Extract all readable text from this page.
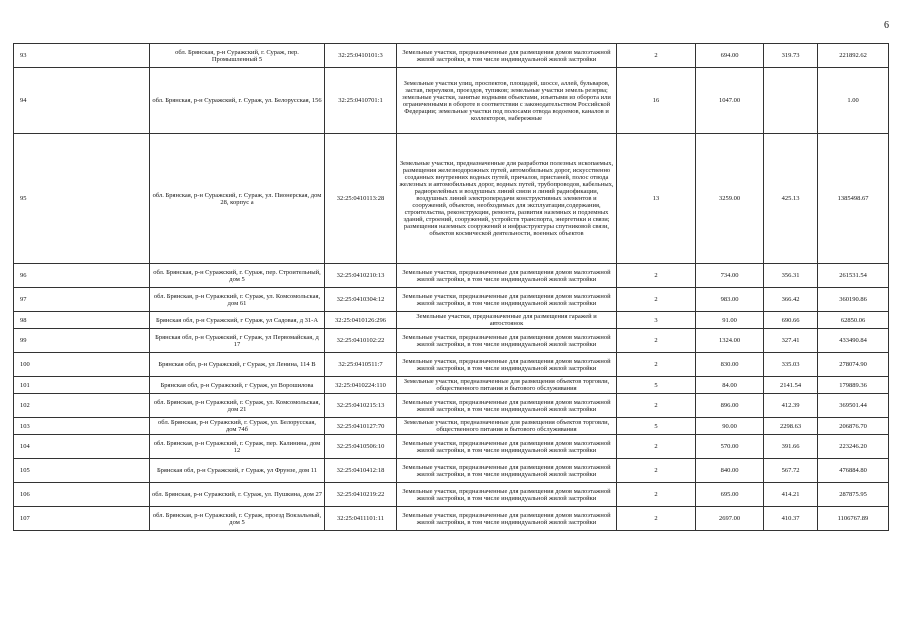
6
93	обл. Брянская, р-н Суражский, г. Сураж, пер. Промышленный 5	32:25:0410101:3	Земельные участки, предназначенные для размещения домов малоэтажной жилой застройки, в том числе индивидуальной жилой застройки	2	694.00	319.73	221892.62
94	обл. Брянская, р-н Суражский, г. Сураж, ул. Белорусская, 156	32:25:0410701:1	Земельные участки улиц, проспектов, площадей, шоссе, аллей, бульваров, застав, переулков, проездов, тупиков; земельные участки земель резерва; земельные участки, занятые водными объектами, изъятыми из оборота или ограниченными в обороте в соответствии с законодательством Российской Федерации; земельные участки под полосами отвода водоемов, каналов и коллекторов, набережные	16	1047.00		1.00
95	обл. Брянская, р-н Суражский, г. Сураж, ул. Пионерская, дом 28, корпус а	32:25:0410113:28	Земельные участки, предназначенные для разработки полезных ископаемых, размещения железнодорожных путей, автомобильных дорог, искусственно созданных внутренних водных путей, причалов, пристаней, полос отвода железных и автомобильных дорог, водных путей, трубопроводов, кабельных, радиорелейных и воздушных линий связи и линий радиофикации, воздушных линий электропередачи конструктивных элементов и сооружений, объектов, необходимых для эксплуатации,содержания, строительства, реконструкции, ремонта, развития наземных и подземных зданий, строений, сооружений, устройств транспорта, энергетики и связи; размещения наземных сооружений и инфраструктуры спутниковой связи, объектов космической деятельности, военных объектов	13	3259.00	425.13	1385498.67
96	обл. Брянская, р-н Суражский, г. Сураж, пер. Строительный, дом 5	32:25:0410210:13	Земельные участки, предназначенные для размещения домов малоэтажной жилой застройки, в том числе индивидуальной жилой застройки	2	734.00	356.31	261531.54
97	обл. Брянская, р-н Суражский, г. Сураж, ул. Комсомольская, дом 61	32:25:0410304:12	Земельные участки, предназначенные для размещения домов малоэтажной жилой застройки, в том числе индивидуальной жилой застройки	2	983.00	366.42	360190.86
98	Брянская обл, р-н Суражский, г Сураж, ул Садовая, д 31-А	32:25:0410126:296	Земельные участки, предназначенные для размещения гаражей и автостоянок	3	91.00	690.66	62850.06
99	Брянская обл, р-н Суражский, г Сураж, ул Первомайская, д 17	32:25:0410102:22	Земельные участки, предназначенные для размещения домов малоэтажной жилой застройки, в том числе индивидуальной жилой застройки	2	1324.00	327.41	433490.84
100	Брянская обл, р-н Суражский, г Сураж, ул Ленина, 114 В	32:25:0410511:7	Земельные участки, предназначенные для размещения домов малоэтажной жилой застройки, в том числе индивидуальной жилой застройки	2	830.00	335.03	278074.90
101	Брянская обл, р-н Суражский, г Сураж, ул Ворошилова	32:25:0410224:110	Земельные участки, предназначенные для размещения объектов торговли, общественного питания и бытового обслуживания	5	84.00	2141.54	179889.36
102	обл. Брянская, р-н Суражский, г. Сураж, ул. Комсомольская, дом 21	32:25:0410215:13	Земельные участки, предназначенные для размещения домов малоэтажной жилой застройки, в том числе индивидуальной жилой застройки	2	896.00	412.39	369501.44
103	обл. Брянская, р-н Суражский, г. Сураж, ул. Белорусская, дом 74б	32:25:0410127:70	Земельные участки, предназначенные для размещения объектов торговли, общественного питания и бытового обслуживания	5	90.00	2298.63	206876.70
104	обл. Брянская, р-н Суражский, г. Сураж, пер. Калинина, дом 12	32:25:0410506:10	Земельные участки, предназначенные для размещения домов малоэтажной жилой застройки, в том числе индивидуальной жилой застройки	2	570.00	391.66	223246.20
105	Брянская обл, р-н Суражский, г Сураж, ул Фрунзе, дом 11	32:25:0410412:18	Земельные участки, предназначенные для размещения домов малоэтажной жилой застройки, в том числе индивидуальной жилой застройки	2	840.00	567.72	476884.80
106	обл. Брянская, р-н Суражский, г. Сураж, ул. Пушкина, дом 27	32:25:0410219:22	Земельные участки, предназначенные для размещения домов малоэтажной жилой застройки, в том числе индивидуальной жилой застройки	2	695.00	414.21	287875.95
107	обл. Брянская, р-н Суражский, г. Сураж, проезд Вокзальный, дом 5	32:25:0411101:11	Земельные участки, предназначенные для размещения домов малоэтажной жилой застройки, в том числе индивидуальной жилой застройки	2	2697.00	410.37	1106767.89
